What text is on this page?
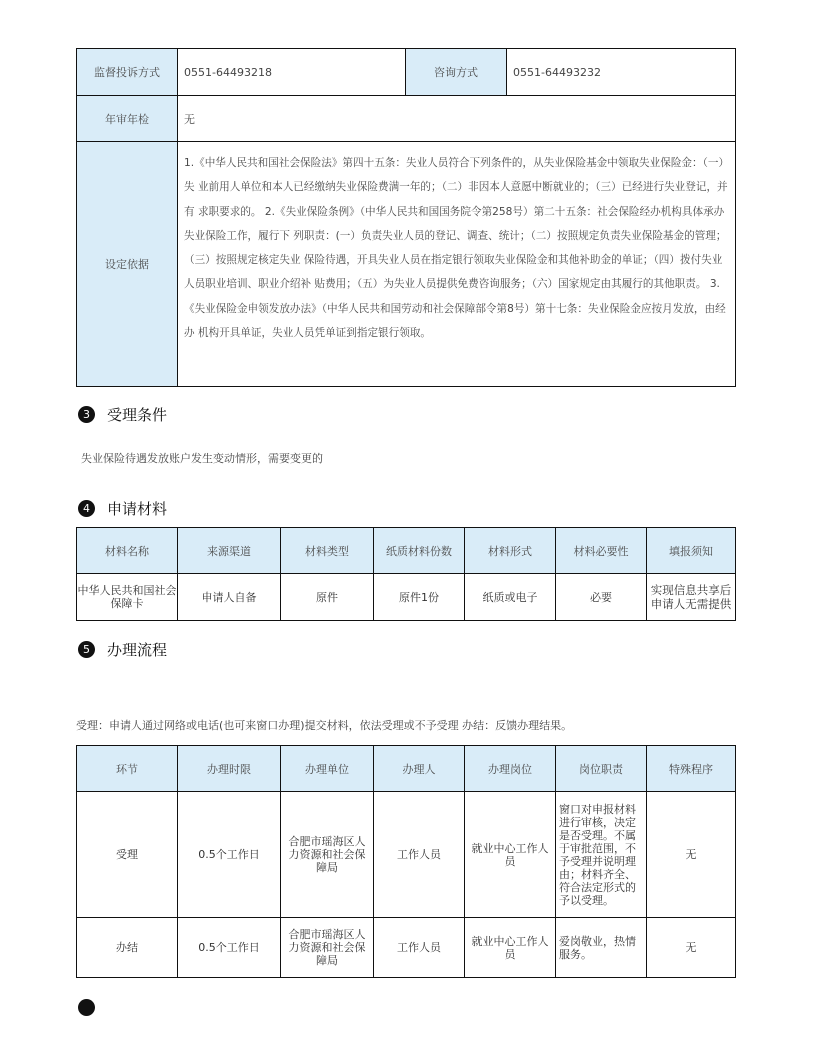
监督投诉方式	0551-64493218	咨询方式	0551-64493232
年审年检	无		
设定依据	1.《中华人民共和国社会保险法》第四十五条：失业人员符合下列条件的，从失业保险基金中领取失业保险金：（一）失 业前用人单位和本人已经缴纳失业保险费满一年的；（二）非因本人意愿中断就业的；（三）已经进行失业登记，并有 求职要求的。 2.《失业保险条例》（中华人民共和国国务院令第258号）第二十五条：社会保险经办机构具体承办失业保险工作，履行下 列职责：(一）负责失业人员的登记、调查、统计；（二）按照规定负责失业保险基金的管理；（三）按照规定核定失业 保险待遇，开具失业人员在指定银行领取失业保险金和其他补助金的单证；（四）拨付失业人员职业培训、职业介绍补 贴费用；（五）为失业人员提供免费咨询服务；（六）国家规定由其履行的其他职责。 3.《失业保险金申领发放办法》（中华人民共和国劳动和社会保障部令第8号）第十七条：失业保险金应按月发放，由经办 机构开具单证，失业人员凭单证到指定银行领取。		
3	受理条件
失业保险待遇发放账户发生变动情形，需要变更的
4	申请材料
材料名称	来源渠道	材料类型	纸质材料份数	材料形式	材料必要性	填报须知
中华人民共和国社会保障卡	申请人自备	原件	原件1份	纸质或电子	必要	实现信息共享后申请人无需提供
5	办理流程
受理：申请人通过网络或电话(也可来窗口办理)提交材料，依法受理或不予受理 办结：反馈办理结果。
环节	办理时限	办理单位	办理人	办理岗位	岗位职责	特殊程序
受理	0.5个工作日	合肥市瑶海区人力资源和社会保障局	工作人员	就业中心工作人员	窗口对申报材料进行审核，决定是否受理。不属于审批范围，不予受理并说明理由；材料齐全、符合法定形式的予以受理。	无
办结	0.5个工作日	合肥市瑶海区人力资源和社会保障局	工作人员	就业中心工作人员	爱岗敬业，热情服务。	无
